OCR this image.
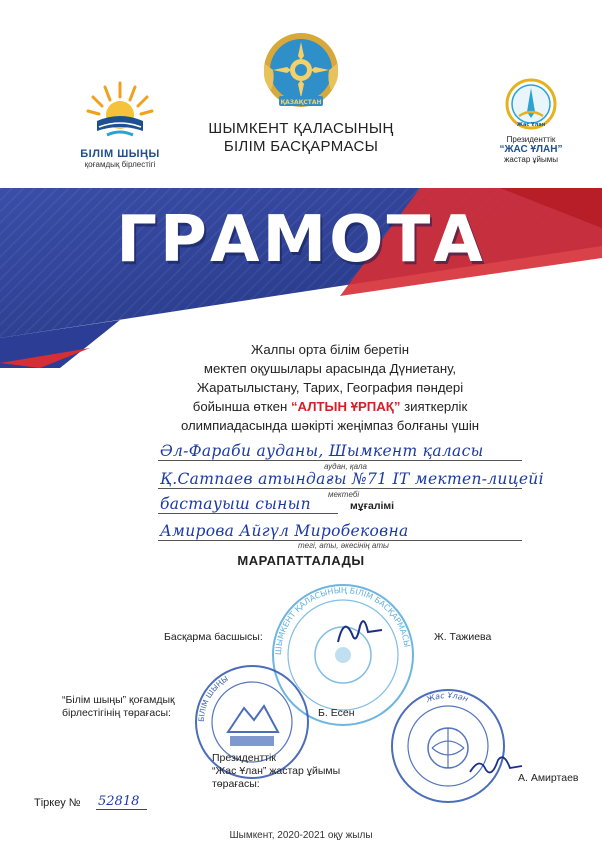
БІЛІМ ШЫҢЫ
қоғамдық бірлестігі
ҚАЗАҚСТАН
ШЫМКЕНТ ҚАЛАСЫНЫҢ
БІЛІМ БАСҚАРМАСЫ
Жас Ұлан
Президенттік
“ЖАС ҰЛАН”
жастар ұйымы
ГРАМОТА
Жалпы орта білім беретін
мектеп оқушылары арасында Дүниетану,
Жаратылыстану, Тарих, География пәндері
бойынша өткен “АЛТЫН ҰРПАҚ” зияткерлік
олимпиадасында шәкірті жеңімпаз болғаны үшін
Әл-Фараби ауданы, Шымкент қаласы
аудан, қала
Қ.Сатпаев атындағы №71 IT мектеп-лицейі
мектебі
бастауыш сынып	мұғалімі
Амирова Айгүл Миробековна
тегі, аты, әкесінің аты
МАРАПАТТАЛАДЫ
ШЫМКЕНТ ҚАЛАСЫНЫҢ БІЛІМ БАСҚАРМАСЫ
БІЛІМ ШЫҢЫ
Жас Ұлан
Басқарма басшысы:	Ж. Тажиева
“Білім шыңы” қоғамдық
бірлестігінің төрағасы:	Б. Есен
Президенттік
“Жас Ұлан” жастар ұйымы
төрағасы:	А. Амиртаев
Тіркеу № 52818
Шымкент, 2020-2021 оқу жылы
